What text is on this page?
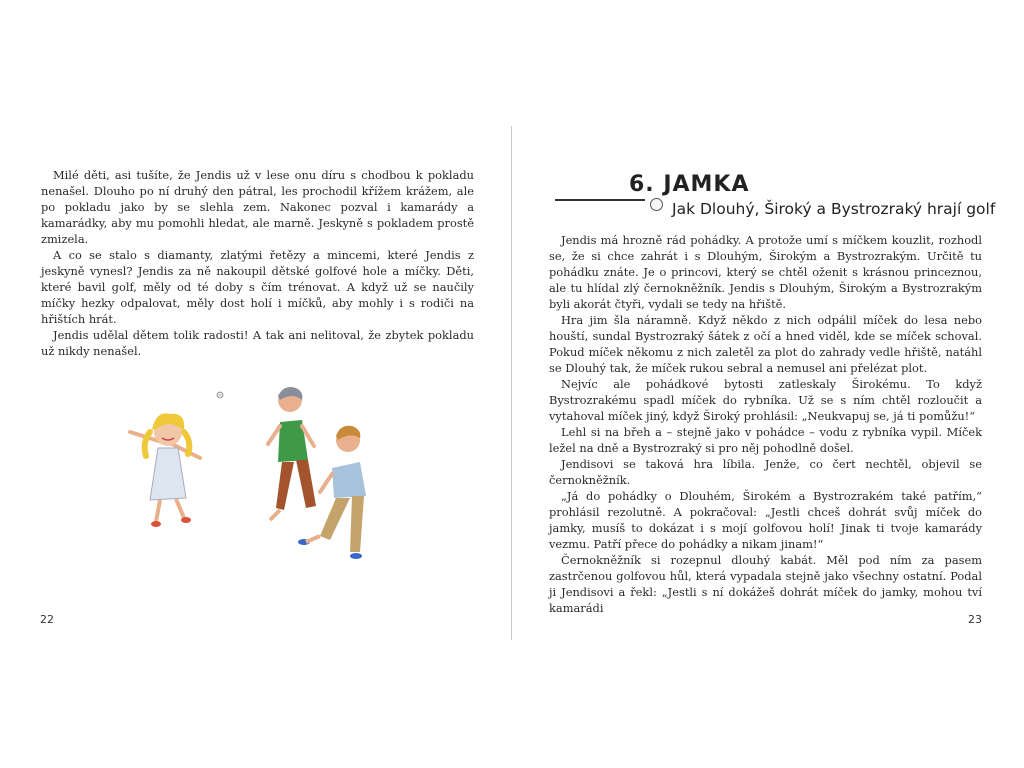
Milé děti, asi tušíte, že Jendis už v lese onu díru s chodbou k pokladu nenašel. Dlouho po ní druhý den pátral, les prochodil křížem krážem, ale po pokladu jako by se slehla zem. Nakonec pozval i kamarády a kamarádky, aby mu pomohli hledat, ale marně. Jeskyně s pokladem prostě zmizela.

A co se stalo s diamanty, zlatými řetězy a mincemi, které Jendis z jeskyně vynesl? Jendis za ně nakoupil dětské golfové hole a míčky. Děti, které bavil golf, měly od té doby s čím trénovat. A když už se naučily míčky hezky odpalovat, měly dost holí i míčků, aby mohly i s rodiči na hřištích hrát.

Jendis udělal dětem tolik radosti! A tak ani nelitoval, že zbytek pokladu už nikdy nenašel.

22
6. JAMKA
Jak Dlouhý, Široký a Bystrozraký hrají golf

Jendis má hrozně rád pohádky. A protože umí s míčkem kouzlit, rozhodl se, že si chce zahrát i s Dlouhým, Širokým a Bystrozrakým. Určitě tu pohádku znáte. Je o princovi, který se chtěl oženit s krásnou princeznou, ale tu hlídal zlý černokněžník. Jendis s Dlouhým, Širokým a Bystrozrakým byli akorát čtyři, vydali se tedy na hřiště.

Hra jim šla náramně. Když někdo z nich odpálil míček do lesa nebo houští, sundal Bystrozraký šátek z očí a hned viděl, kde se míček schoval. Pokud míček někomu z nich zaletěl za plot do zahrady vedle hřiště, natáhl se Dlouhý tak, že míček rukou sebral a nemusel ani přelézat plot.

Nejvíc ale pohádkové bytosti zatleskaly Širokému. To když Bystrozrakému spadl míček do rybníka. Už se s ním chtěl rozloučit a vytahoval míček jiný, když Široký prohlásil: „Neukvapuj se, já ti pomůžu!“

Lehl si na břeh a – stejně jako v pohádce – vodu z rybníka vypil. Míček ležel na dně a Bystrozraký si pro něj pohodlně došel.

Jendisovi se taková hra líbila. Jenže, co čert nechtěl, objevil se černokněžník.

„Já do pohádky o Dlouhém, Širokém a Bystrozrakém také patřím,“ prohlásil rezolutně. A pokračoval: „Jestli chceš dohrát svůj míček do jamky, musíš to dokázat i s mojí golfovou holí! Jinak ti tvoje kamarády vezmu. Patří přece do pohádky a nikam jinam!“

Černokněžník si rozepnul dlouhý kabát. Měl pod ním za pasem zastrčenou golfovou hůl, která vypadala stejně jako všechny ostatní. Podal ji Jendisovi a řekl: „Jestli s ní dokážeš dohrát míček do jamky, mohou tví kamarádi

23
